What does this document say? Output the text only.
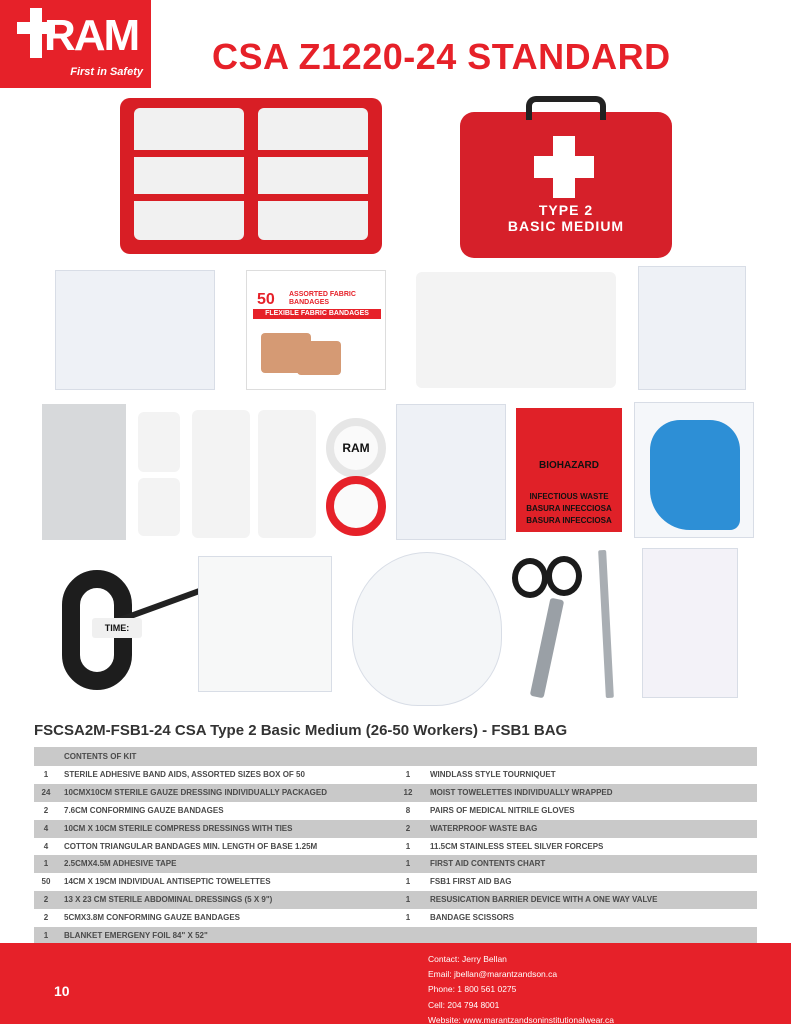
RAM
First in Safety CSA Z1220-24 STANDARD
TYPE 2
BASIC MEDIUM
50 ASSORTED FABRIC BANDAGES
FLEXIBLE FABRIC BANDAGES
RAM
BIOHAZARD
INFECTIOUS WASTE
BASURA INFECCIOSA
BASURA INFECCIOSA
TIME:
FSCSA2M-FSB1-24 CSA Type 2 Basic Medium (26-50 Workers) - FSB1 BAG
CONTENTS OF KIT
1	STERILE ADHESIVE BAND AIDS, ASSORTED SIZES BOX OF 50	1	WINDLASS STYLE TOURNIQUET
24	10CMX10CM STERILE GAUZE DRESSING INDIVIDUALLY PACKAGED	12	MOIST TOWELETTES INDIVIDUALLY WRAPPED
2	7.6CM CONFORMING GAUZE BANDAGES	8	PAIRS OF MEDICAL NITRILE GLOVES
4	10CM X 10CM STERILE COMPRESS DRESSINGS WITH TIES	2	WATERPROOF WASTE BAG
4	COTTON TRIANGULAR BANDAGES MIN. LENGTH OF BASE 1.25M	1	11.5CM STAINLESS STEEL SILVER FORCEPS
1	2.5CMX4.5M ADHESIVE TAPE	1	FIRST AID CONTENTS CHART
50	14CM X 19CM INDIVIDUAL ANTISEPTIC TOWELETTES	1	FSB1 FIRST AID BAG
2	13 X 23 CM STERILE ABDOMINAL DRESSINGS (5 X 9")	1	RESUSICATION BARRIER DEVICE WITH A ONE WAY VALVE
2	5CMX3.8M CONFORMING GAUZE BANDAGES	1	BANDAGE SCISSORS
1	BLANKET EMERGENY FOIL 84" X 52"
10
Contact: Jerry Bellan
Email: jbellan@marantzandson.ca
Phone: 1 800 561 0275
Cell: 204 794 8001
Website: www.marantzandsoninstitutionalwear.ca
